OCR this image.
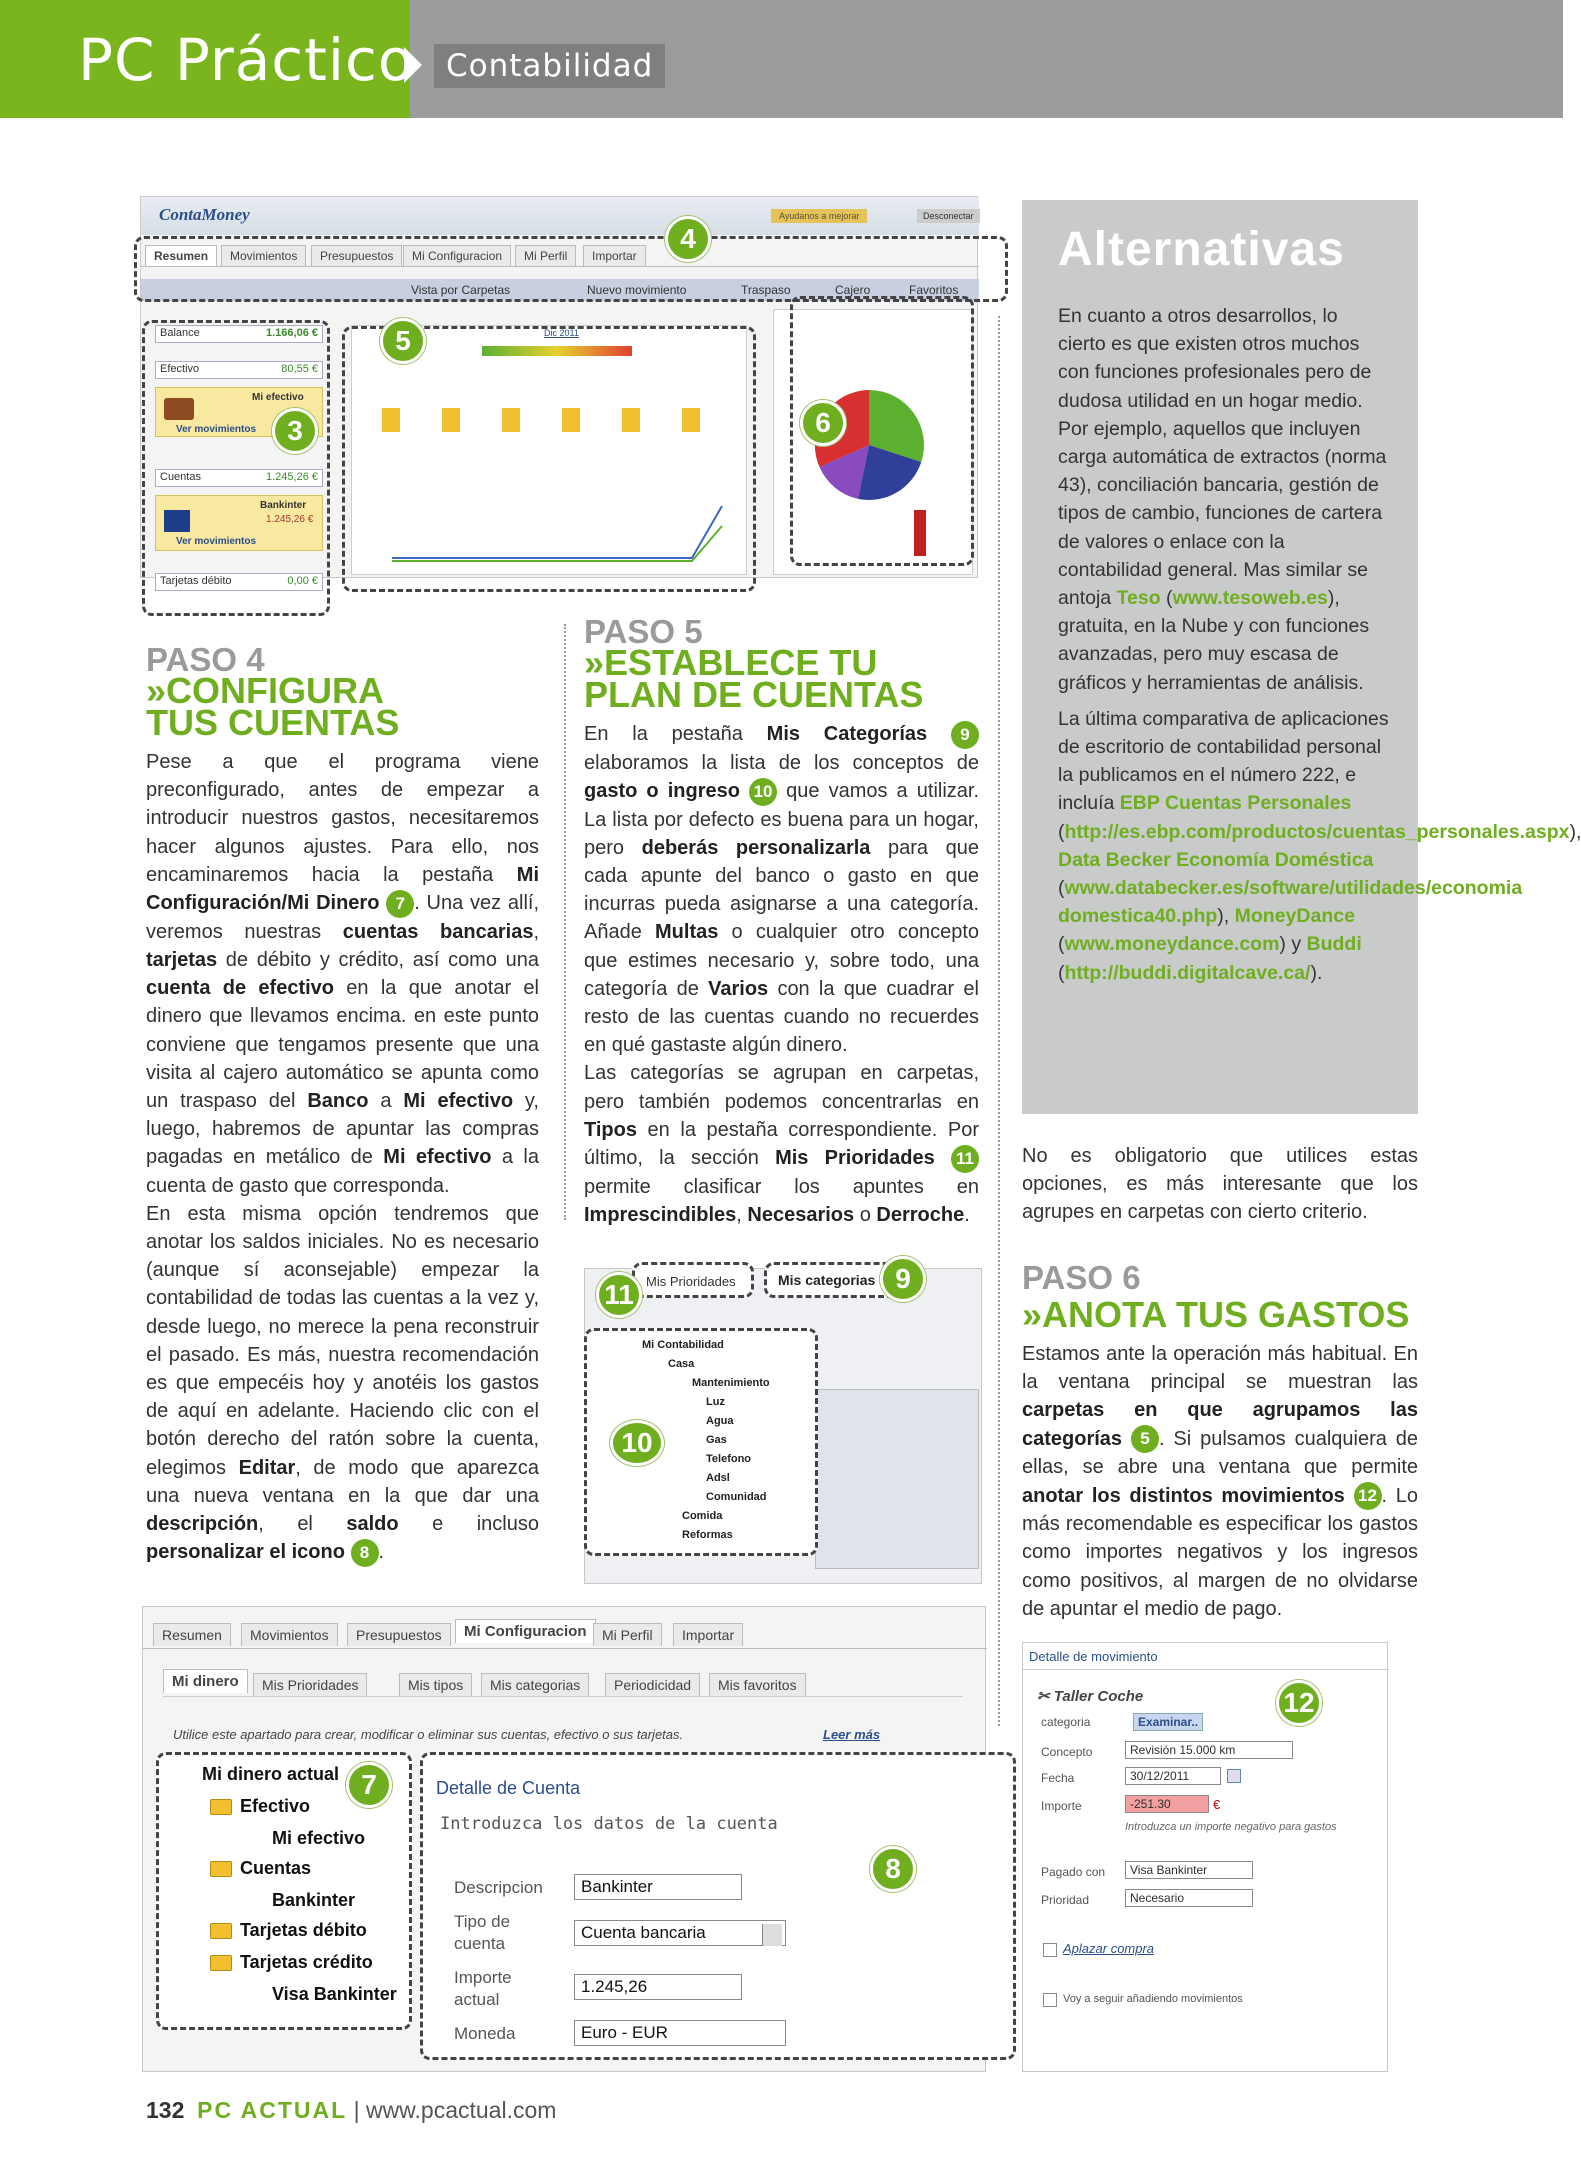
PC Práctico	Contabilidad
ContaMoney	Ayudanos a mejorar	Desconectar
Resumen	Movimientos	Presupuestos	Mi Configuracion	Mi Perfil	Importar
Vista por Carpetas	Nuevo movimiento	Traspaso	Cajero	Favoritos
Balance	1.166,06 €
Efectivo	80,55 €
Mi efectivo
Ver movimientos
Cuentas	1.245,26 €
Bankinter
1.245,26 €
Ver movimientos
Tarjetas débito	0,00 €
Dic 2011
4
5
3	6
PASO 4
»CONFIGURA
TUS CUENTAS
Pese a que el programa viene preconfigurado, antes de empezar a introducir nuestros gastos, necesitaremos hacer algunos ajustes. Para ello, nos encaminaremos hacia la pestaña Mi Configuración/Mi Dinero 7 . Una vez allí, veremos nuestras cuentas bancarias, tarjetas de débito y crédito, así como una cuenta de efectivo en la que anotar el dinero que llevamos encima. en este punto conviene que tengamos presente que una visita al cajero automático se apunta como un traspaso del Banco a Mi efectivo y, luego, habremos de apuntar las compras pagadas en metálico de Mi efectivo a la cuenta de gasto que corresponda.
En esta misma opción tendremos que anotar los saldos iniciales. No es necesario (aunque sí aconsejable) empezar la contabilidad de todas las cuentas a la vez y, desde luego, no merece la pena reconstruir el pasado. Es más, nuestra recomendación es que empecéis hoy y anotéis los gastos de aquí en adelante. Haciendo clic con el botón derecho del ratón sobre la cuenta, elegimos Editar, de modo que aparezca una nueva ventana en la que dar una descripción, el saldo e incluso personalizar el icono 8 .
PASO 5
»ESTABLECE TU
PLAN DE CUENTAS
En la pestaña Mis Categorías 9 elaboramos la lista de los conceptos de gasto o ingreso 10 que vamos a utilizar. La lista por defecto es buena para un hogar, pero deberás personalizarla para que cada apunte del banco o gasto en que incurras pueda asignarse a una categoría. Añade Multas o cualquier otro concepto que estimes necesario y, sobre todo, una categoría de Varios con la que cuadrar el resto de las cuentas cuando no recuerdes en qué gastaste algún dinero.
Las categorías se agrupan en carpetas, pero también podemos concentrarlas en Tipos en la pestaña correspondiente. Por último, la sección Mis Prioridades 11 permite clasificar los apuntes en Imprescindibles, Necesarios o Derroche.
Mis Prioridades	Mis categorias
Mi Contabilidad
Casa
Mantenimiento
Luz
Agua
Gas
Telefono
Adsl
Comunidad
Comida
Reformas
11
9
10
Alternativas
En cuanto a otros desarrollos, lo cierto es que existen otros muchos con funciones profesionales pero de dudosa utilidad en un hogar medio. Por ejemplo, aquellos que incluyen carga automática de extractos (norma 43), conciliación bancaria, gestión de tipos de cambio, funciones de cartera de valores o enlace con la contabilidad general. Mas similar se antoja Teso (www.tesoweb.es), gratuita, en la Nube y con funciones avanzadas, pero muy escasa de gráficos y herramientas de análisis.
La última comparativa de aplicaciones de escritorio de contabilidad personal la publicamos en el número 222, e incluía EBP Cuentas Personales (http://es.ebp.com/productos/cuentas_personales.aspx), Data Becker Economía Doméstica (www.databecker.es/software/utilidades/economia domestica40.php), MoneyDance (www.moneydance.com) y Buddi (http://buddi.digitalcave.ca/).
No es obligatorio que utilices estas opciones, es más interesante que los agrupes en carpetas con cierto criterio.
PASO 6
»ANOTA TUS GASTOS
Estamos ante la operación más habitual. En la ventana principal se muestran las carpetas en que agrupamos las categorías 5 . Si pulsamos cualquiera de ellas, se abre una ventana que permite anotar los distintos movimientos 12 . Lo más recomendable es especificar los gastos como importes negativos y los ingresos como positivos, al margen de no olvidarse de apuntar el medio de pago.
Resumen	Movimientos	Presupuestos	Mi Configuracion	Mi Perfil	Importar
Mi dinero	Mis Prioridades	Mis tipos	Mis categorias	Periodicidad	Mis favoritos
Utilice este apartado para crear, modificar o eliminar sus cuentas, efectivo o sus tarjetas.	Leer más
Mi dinero actual
Efectivo
Mi efectivo
Cuentas
Bankinter
Tarjetas débito
Tarjetas crédito
Visa Bankinter
Detalle de Cuenta
Introduzca los datos de la cuenta
Descripcion	Bankinter
Tipo de
cuenta
Cuenta bancaria
Importe
actual
1.245,26
Moneda	Euro - EUR
7
8
Detalle de movimiento
✂ Taller Coche
categoria	Examinar..
Concepto	Revisión 15.000 km
Fecha	30/12/2011
Importe	-251.30	€
Introduzca un importe negativo para gastos
Pagado con	Visa Bankinter
Prioridad	Necesario
Aplazar compra
Voy a seguir añadiendo movimientos
12
132 PC ACTUAL | www.pcactual.com
